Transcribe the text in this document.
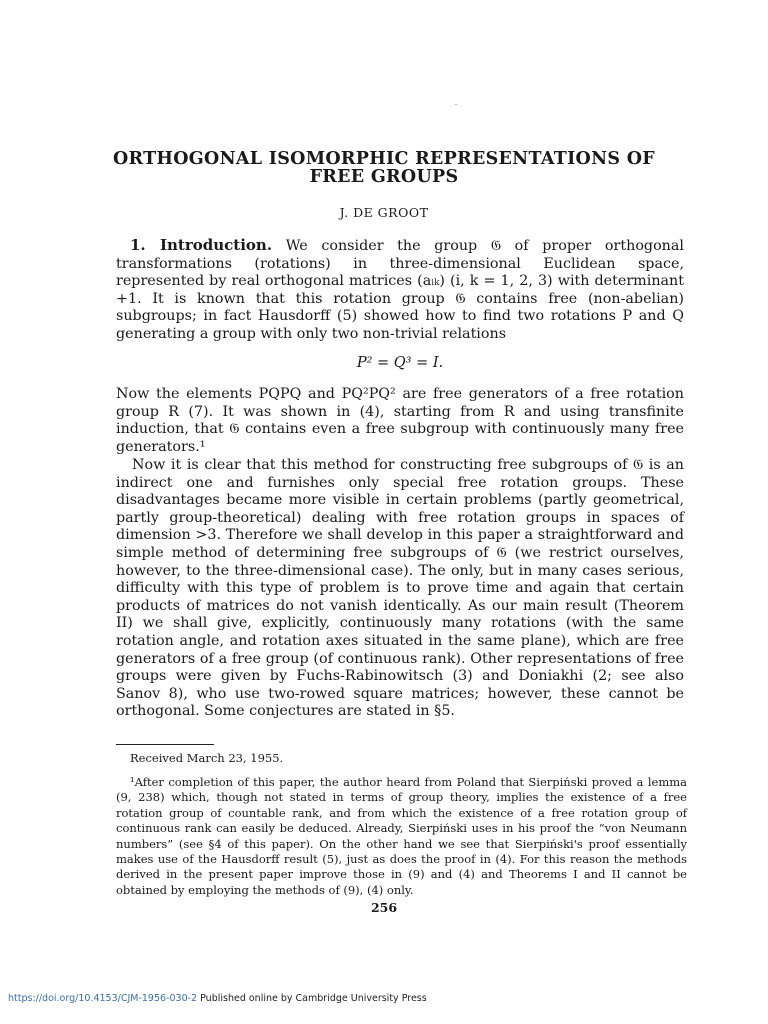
ORTHOGONAL ISOMORPHIC REPRESENTATIONS OF
FREE GROUPS
J. DE GROOT
1. Introduction. We consider the group 𝔊 of proper orthogonal transformations (rotations) in three-dimensional Euclidean space, represented by real orthogonal matrices (aᵢₖ) (i, k = 1, 2, 3) with determinant +1. It is known that this rotation group 𝔊 contains free (non-abelian) subgroups; in fact Hausdorff (5) showed how to find two rotations P and Q generating a group with only two non-trivial relations
P² = Q³ = I.
Now the elements PQPQ and PQ²PQ² are free generators of a free rotation group R (7). It was shown in (4), starting from R and using transfinite induction, that 𝔊 contains even a free subgroup with continuously many free generators.¹
Now it is clear that this method for constructing free subgroups of 𝔊 is an indirect one and furnishes only special free rotation groups. These disadvantages became more visible in certain problems (partly geometrical, partly group-theoretical) dealing with free rotation groups in spaces of dimension >3. Therefore we shall develop in this paper a straightforward and simple method of determining free subgroups of 𝔊 (we restrict ourselves, however, to the three-dimensional case). The only, but in many cases serious, difficulty with this type of problem is to prove time and again that certain products of matrices do not vanish identically. As our main result (Theorem II) we shall give, explicitly, continuously many rotations (with the same rotation angle, and rotation axes situated in the same plane), which are free generators of a free group (of continuous rank). Other representations of free groups were given by Fuchs-Rabinowitsch (3) and Doniakhi (2; see also Sanov 8), who use two-rowed square matrices; however, these cannot be orthogonal. Some conjectures are stated in §5.
Received March 23, 1955.
¹After completion of this paper, the author heard from Poland that Sierpiński proved a lemma (9, 238) which, though not stated in terms of group theory, implies the existence of a free rotation group of countable rank, and from which the existence of a free rotation group of continuous rank can easily be deduced. Already, Sierpiński uses in his proof the “von Neumann numbers” (see §4 of this paper). On the other hand we see that Sierpiński's proof essentially makes use of the Hausdorff result (5), just as does the proof in (4). For this reason the methods derived in the present paper improve those in (9) and (4) and Theorems I and II cannot be obtained by employing the methods of (9), (4) only.
256
https://doi.org/10.4153/CJM-1956-030-2 Published online by Cambridge University Press
